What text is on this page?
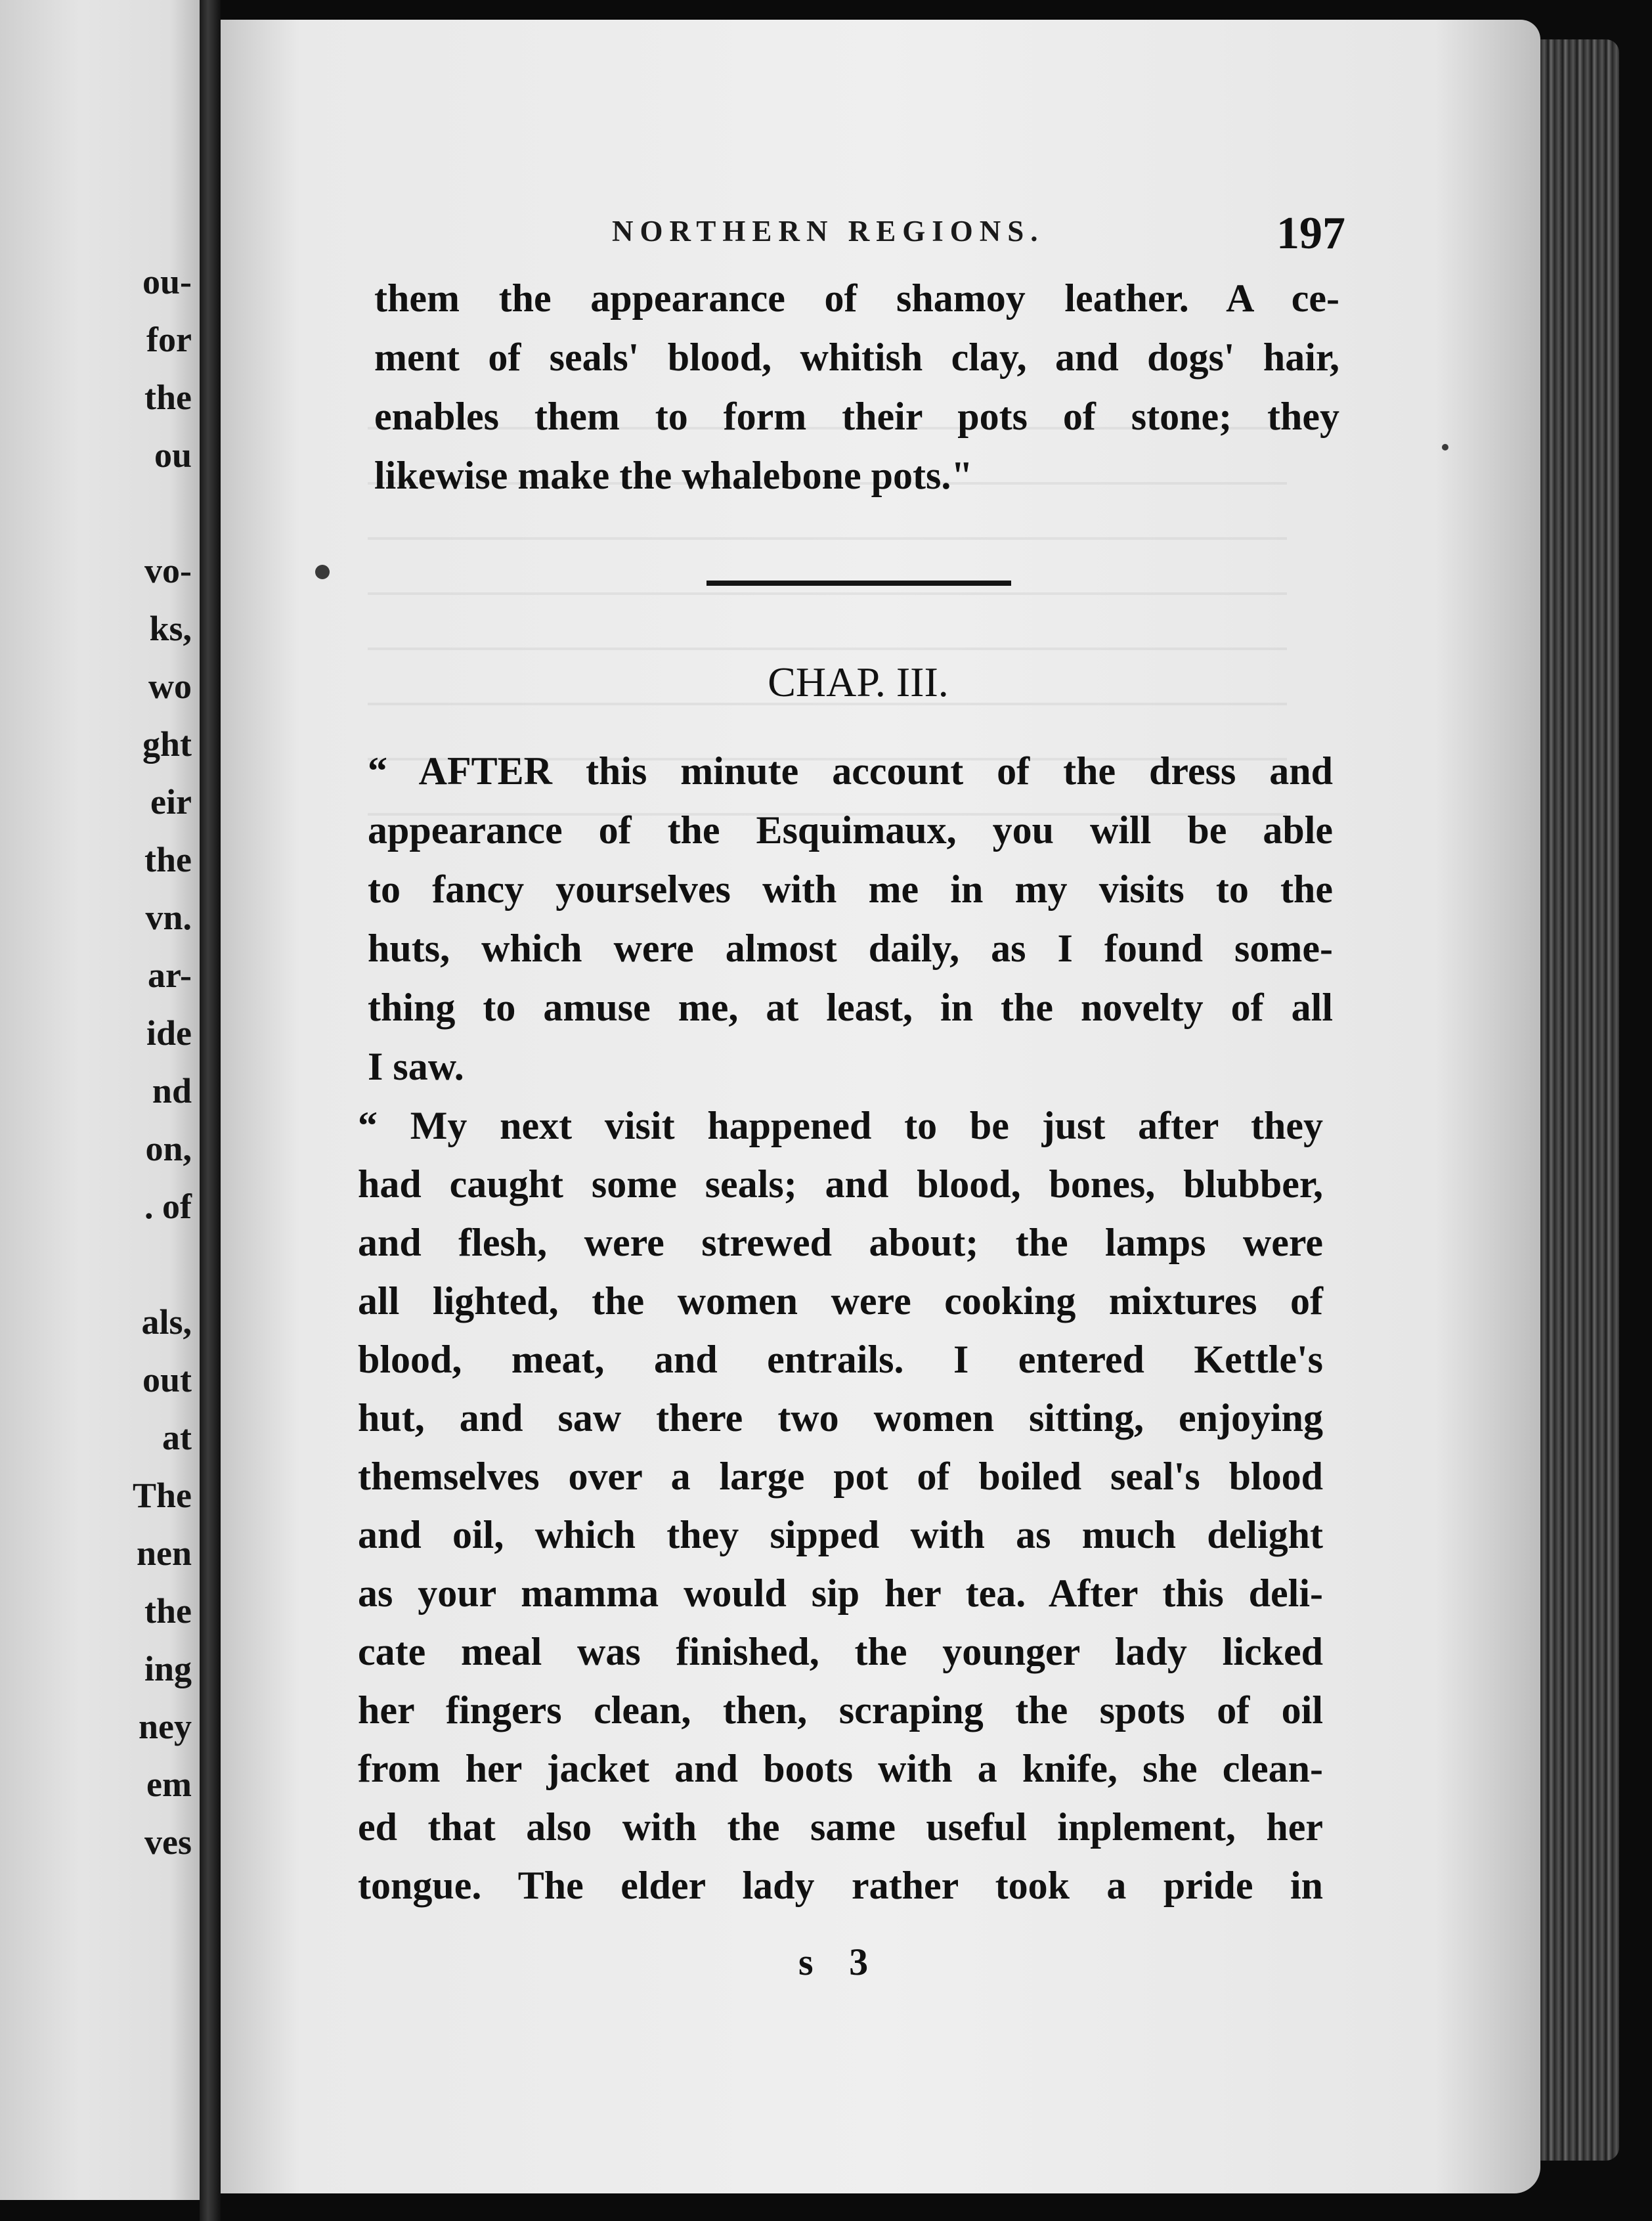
ou-
for
the
ou
vo-
ks,
wo
ght
eir
the
vn.
ar-
ide
nd
on,
. of
als,
out
at
The
nen
the
ing
ney
em
ves
NORTHERN REGIONS.	197
them the appearance of shamoy leather. A ce-
ment of seals' blood, whitish clay, and dogs' hair,
enables them to form their pots of stone; they
likewise make the whalebone pots."
CHAP. III.
“ AFTER this minute account of the dress and
appearance of the Esquimaux, you will be able
to fancy yourselves with me in my visits to the
huts, which were almost daily, as I found some-
thing to amuse me, at least, in the novelty of all
I saw.
“ My next visit happened to be just after they
had caught some seals; and blood, bones, blubber,
and flesh, were strewed about; the lamps were
all lighted, the women were cooking mixtures of
blood, meat, and entrails. I entered Kettle's
hut, and saw there two women sitting, enjoying
themselves over a large pot of boiled seal's blood
and oil, which they sipped with as much delight
as your mamma would sip her tea. After this deli-
cate meal was finished, the younger lady licked
her fingers clean, then, scraping the spots of oil
from her jacket and boots with a knife, she clean-
ed that also with the same useful inplement, her
tongue. The elder lady rather took a pride in
s 3
